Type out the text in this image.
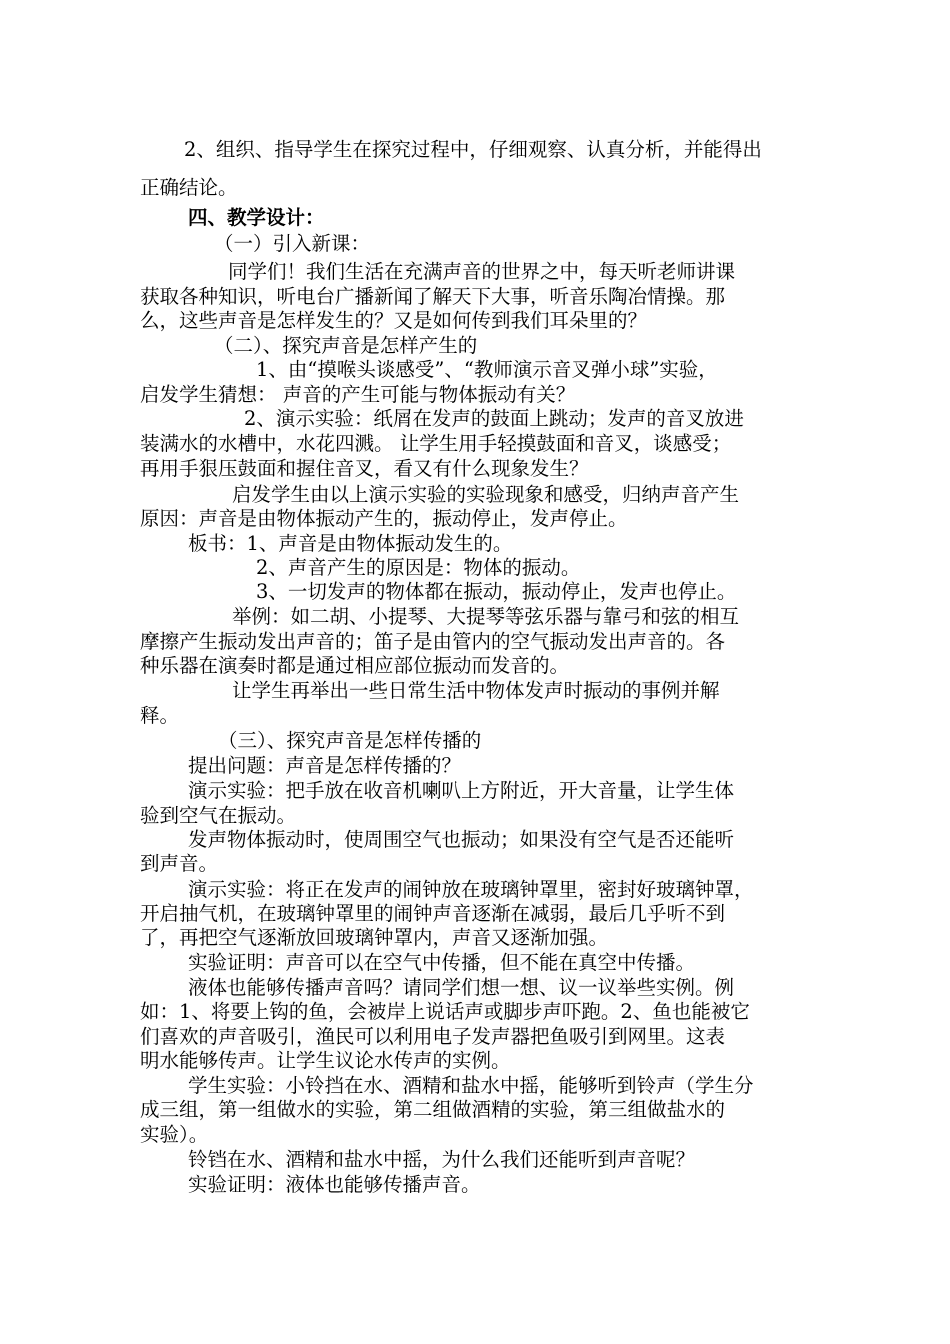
2、组织、指导学生在探究过程中，仔细观察、认真分析，并能得出
正确结论。
四、教学设计：
（一）引入新课：
同学们！我们生活在充满声音的世界之中，每天听老师讲课
获取各种知识，听电台广播新闻了解天下大事，听音乐陶冶情操。那
么，这些声音是怎样发生的？又是如何传到我们耳朵里的？
（二）、探究声音是怎样产生的
1、由“摸喉头谈感受”、“教师演示音叉弹小球”实验，
启发学生猜想： 声音的产生可能与物体振动有关？
2、演示实验：纸屑在发声的鼓面上跳动；发声的音叉放进
装满水的水槽中，水花四溅。 让学生用手轻摸鼓面和音叉，谈感受；
再用手狠压鼓面和握住音叉，看又有什么现象发生？
启发学生由以上演示实验的实验现象和感受，归纳声音产生
原因：声音是由物体振动产生的，振动停止，发声停止。
板书：1、声音是由物体振动发生的。
2、声音产生的原因是：物体的振动。
3、一切发声的物体都在振动，振动停止，发声也停止。
举例：如二胡、小提琴、大提琴等弦乐器与靠弓和弦的相互
摩擦产生振动发出声音的；笛子是由管内的空气振动发出声音的。各
种乐器在演奏时都是通过相应部位振动而发音的。
让学生再举出一些日常生活中物体发声时振动的事例并解
释。
（三）、探究声音是怎样传播的
提出问题：声音是怎样传播的？
演示实验：把手放在收音机喇叭上方附近，开大音量，让学生体
验到空气在振动。
发声物体振动时，使周围空气也振动；如果没有空气是否还能听
到声音。
演示实验：将正在发声的闹钟放在玻璃钟罩里，密封好玻璃钟罩，
开启抽气机，在玻璃钟罩里的闹钟声音逐渐在减弱，最后几乎听不到
了，再把空气逐渐放回玻璃钟罩内，声音又逐渐加强。
实验证明：声音可以在空气中传播，但不能在真空中传播。
液体也能够传播声音吗？请同学们想一想、议一议举些实例。例
如：1、将要上钩的鱼，会被岸上说话声或脚步声吓跑。2、鱼也能被它
们喜欢的声音吸引，渔民可以利用电子发声器把鱼吸引到网里。这表
明水能够传声。让学生议论水传声的实例。
学生实验：小铃挡在水、酒精和盐水中摇，能够听到铃声（学生分
成三组，第一组做水的实验，第二组做酒精的实验，第三组做盐水的
实验）。
铃铛在水、酒精和盐水中摇，为什么我们还能听到声音呢？
实验证明：液体也能够传播声音。
